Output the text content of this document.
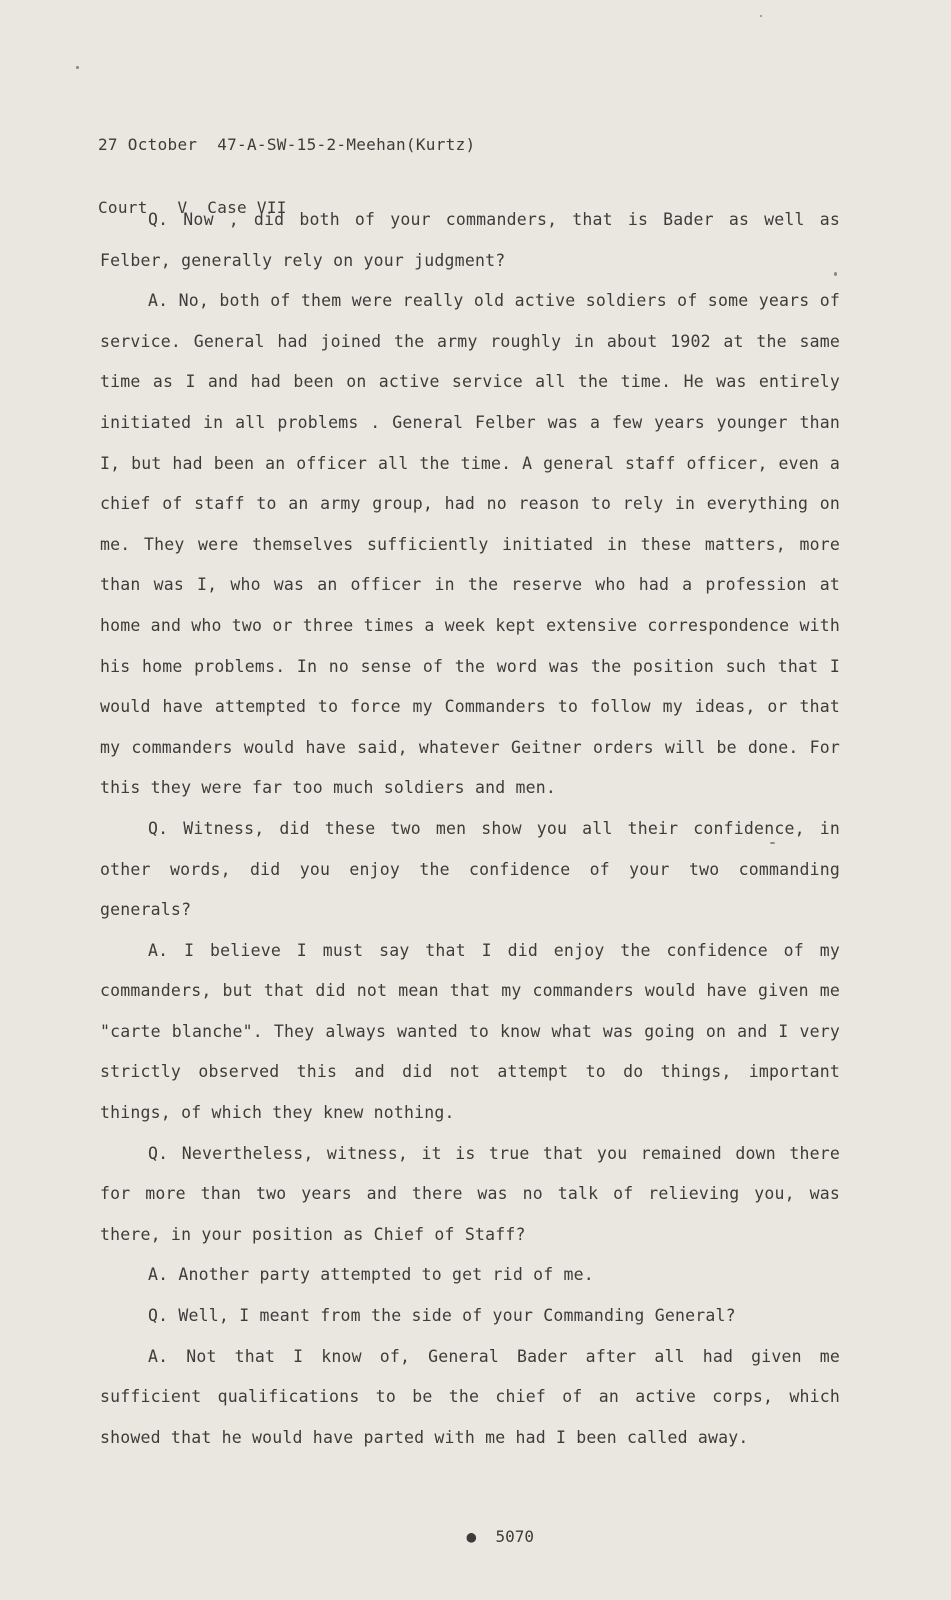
27 October  47-A-SW-15-2-Meehan(Kurtz)

Court   V  Case VII

Q. Now , did both of your commanders, that is Bader as well as Felber, generally rely on your judgment?

A. No, both of them were really old active soldiers of some years of service. General had joined the army roughly in about 1902 at the same time as I and had been on active service all the time. He was entirely initiated in all problems . General Felber was a few years younger than I, but had been an officer all the time. A general staff officer, even a chief of staff to an army group, had no reason to rely in everything on me. They were themselves sufficiently initiated in these matters, more than was I, who was an officer in the reserve who had a profession at home and who two or three times a week kept extensive correspondence with his home problems. In no sense of the word was the position such that I would have attempted to force my Commanders to follow my ideas, or that my commanders would have said, whatever Geitner orders will be done. For this they were far too much soldiers and men.

Q. Witness, did these two men show you all their confidence, in other words, did you enjoy the confidence of your two commanding generals?

A. I believe I must say that I did enjoy the confidence of my commanders, but that did not mean that my commanders would have given me "carte blanche". They always wanted to know what was going on and I very strictly observed this and did not attempt to do things, important things, of which they knew nothing.

Q. Nevertheless, witness, it is true that you remained down there for more than two years and there was no talk of relieving you, was there, in your position as Chief of Staff?

A. Another party attempted to get rid of me.

Q. Well, I meant from the side of your Commanding General?

A. Not that I know of, General Bader after all had given me sufficient qualifications to be the chief of an active corps, which showed that he would have parted with me had I been called away.

●  5070
